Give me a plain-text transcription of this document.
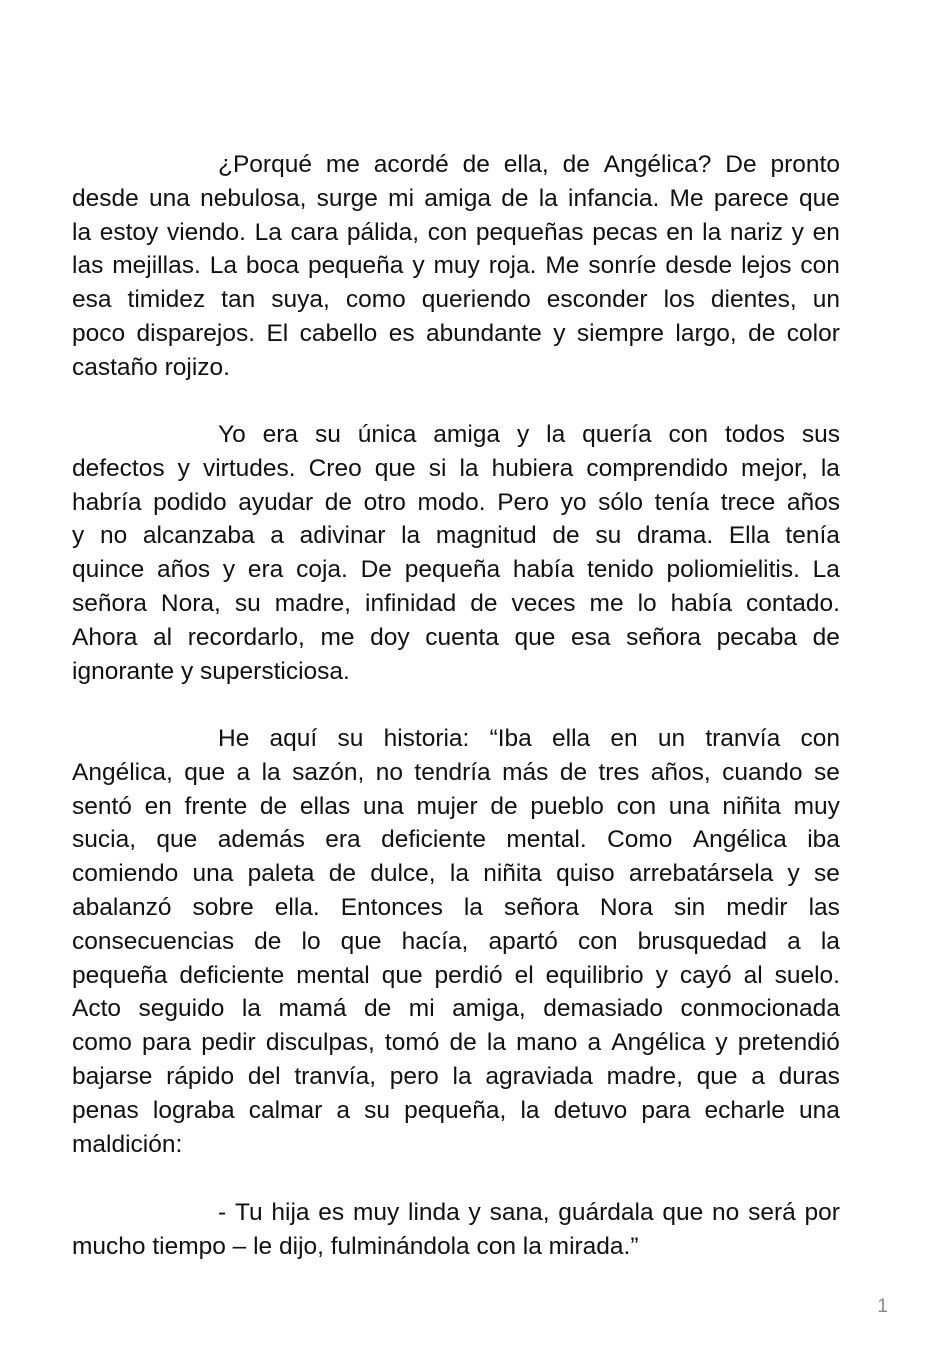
¿Porqué me acordé de ella, de Angélica? De pronto
desde una nebulosa, surge mi amiga de la infancia. Me parece que
la estoy viendo. La cara pálida, con pequeñas pecas en la nariz y en
las mejillas. La boca pequeña y muy roja. Me sonríe desde lejos con
esa timidez tan suya, como queriendo esconder los dientes, un
poco disparejos. El cabello es abundante y siempre largo, de color
castaño rojizo.
Yo era su única amiga y la quería con todos sus
defectos y virtudes. Creo que si la hubiera comprendido mejor, la
habría podido ayudar de otro modo. Pero yo sólo tenía trece años
y no alcanzaba a adivinar la magnitud de su drama. Ella tenía
quince años y era coja. De pequeña había tenido poliomielitis. La
señora Nora, su madre, infinidad de veces me lo había contado.
Ahora al recordarlo, me doy cuenta que esa señora pecaba de
ignorante y supersticiosa.
He aquí su historia: “Iba ella en un tranvía con
Angélica, que a la sazón, no tendría más de tres años, cuando se
sentó en frente de ellas una mujer de pueblo con una niñita muy
sucia, que además era deficiente mental. Como Angélica iba
comiendo una paleta de dulce, la niñita quiso arrebatársela y se
abalanzó sobre ella. Entonces la señora Nora sin medir las
consecuencias de lo que hacía, apartó con brusquedad a la
pequeña deficiente mental que perdió el equilibrio y cayó al suelo.
Acto seguido la mamá de mi amiga, demasiado conmocionada
como para pedir disculpas, tomó de la mano a Angélica y pretendió
bajarse rápido del tranvía, pero la agraviada madre, que a duras
penas lograba calmar a su pequeña, la detuvo para echarle una
maldición:
- Tu hija es muy linda y sana, guárdala que no será por
mucho tiempo – le dijo, fulminándola con la mirada.”
1
